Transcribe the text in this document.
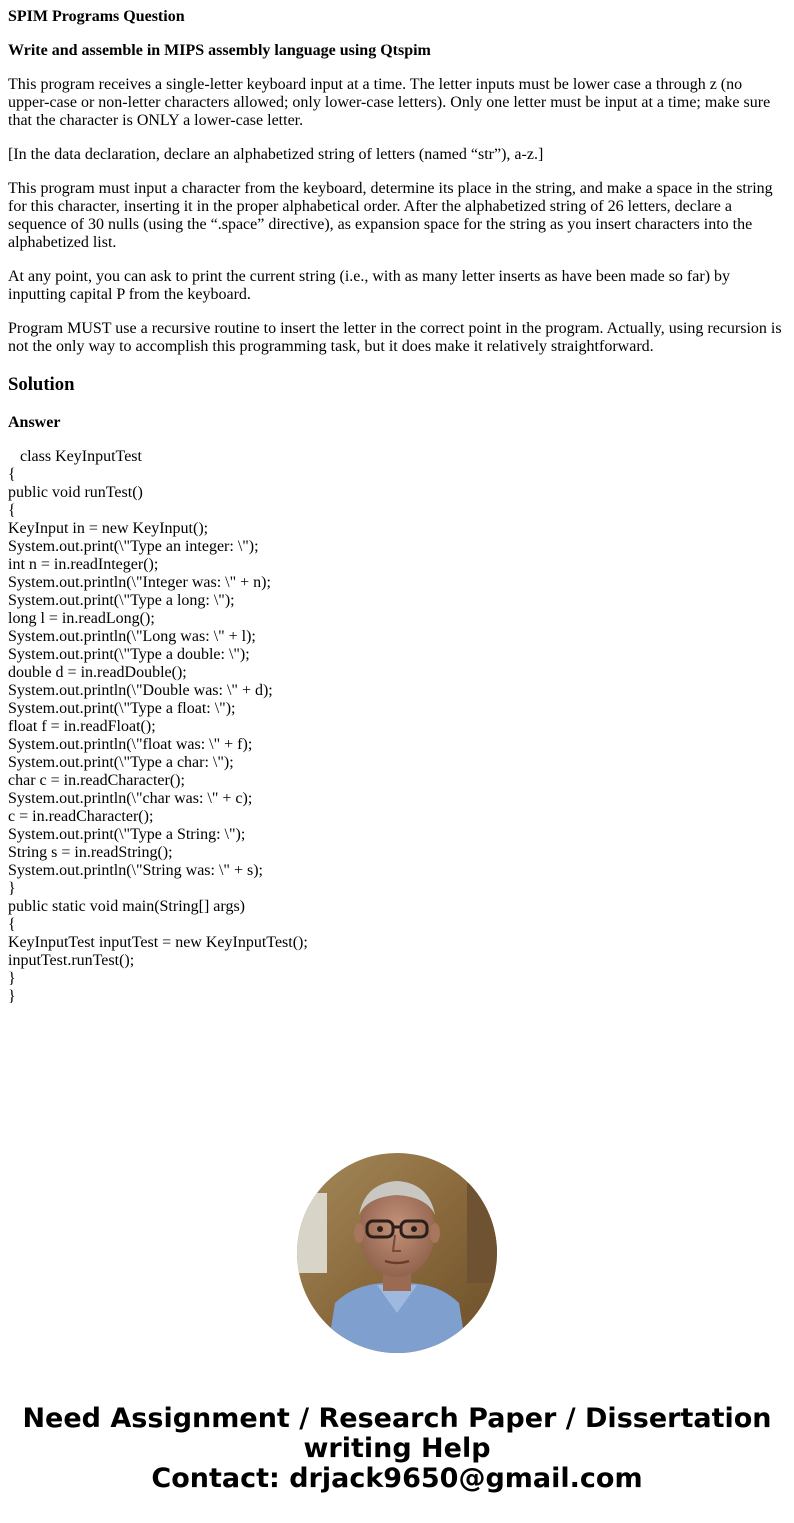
SPIM Programs Question
Write and assemble in MIPS assembly language using Qtspim
This program receives a single-letter keyboard input at a time. The letter inputs must be lower case a through z (no upper-case or non-letter characters allowed; only lower-case letters). Only one letter must be input at a time; make sure that the character is ONLY a lower-case letter.
[In the data declaration, declare an alphabetized string of letters (named “str”), a-z.]
This program must input a character from the keyboard, determine its place in the string, and make a space in the string for this character, inserting it in the proper alphabetical order. After the alphabetized string of 26 letters, declare a sequence of 30 nulls (using the “.space” directive), as expansion space for the string as you insert characters into the alphabetized list.
At any point, you can ask to print the current string (i.e., with as many letter inserts as have been made so far) by inputting capital P from the keyboard.
Program MUST use a recursive routine to insert the letter in the correct point in the program. Actually, using recursion is not the only way to accomplish this programming task, but it does make it relatively straightforward.
Solution
Answer
class KeyInputTest
{
public void runTest()
{
KeyInput in = new KeyInput();
System.out.print(\"Type an integer: \");
int n = in.readInteger();
System.out.println(\"Integer was: \" + n);
System.out.print(\"Type a long: \");
long l = in.readLong();
System.out.println(\"Long was: \" + l);
System.out.print(\"Type a double: \");
double d = in.readDouble();
System.out.println(\"Double was: \" + d);
System.out.print(\"Type a float: \");
float f = in.readFloat();
System.out.println(\"float was: \" + f);
System.out.print(\"Type a char: \");
char c = in.readCharacter();
System.out.println(\"char was: \" + c);
c = in.readCharacter();
System.out.print(\"Type a String: \");
String s = in.readString();
System.out.println(\"String was: \" + s);
}
public static void main(String[] args)
{
KeyInputTest inputTest = new KeyInputTest();
inputTest.runTest();
}
}
Need Assignment / Research Paper / Dissertation
writing Help
Contact: drjack9650@gmail.com
